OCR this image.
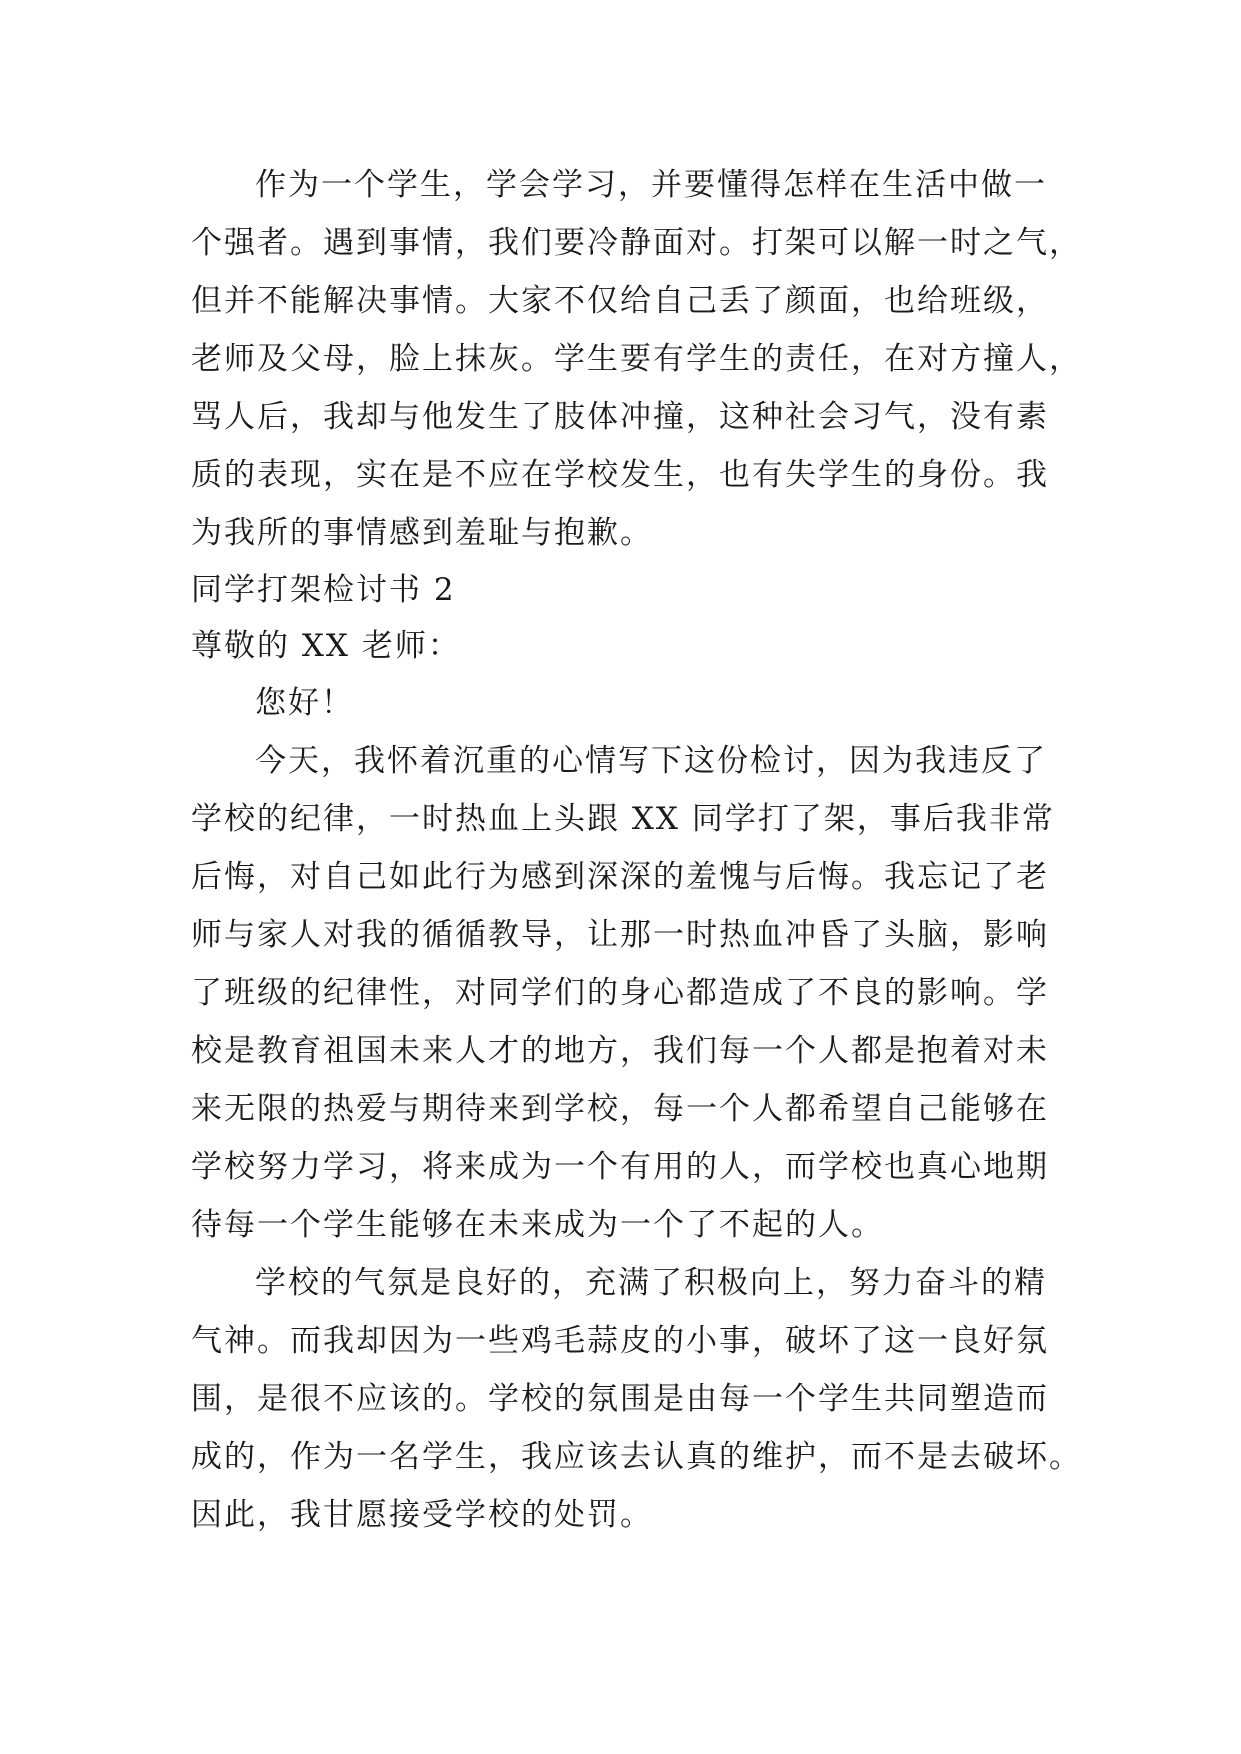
作为一个学生，学会学习，并要懂得怎样在生活中做一
个强者。遇到事情，我们要冷静面对。打架可以解一时之气，
但并不能解决事情。大家不仅给自己丢了颜面，也给班级，
老师及父母，脸上抹灰。学生要有学生的责任，在对方撞人，
骂人后，我却与他发生了肢体冲撞，这种社会习气，没有素
质的表现，实在是不应在学校发生，也有失学生的身份。我
为我所的事情感到羞耻与抱歉。
同学打架检讨书 2
尊敬的 XX 老师：
您好！
今天，我怀着沉重的心情写下这份检讨，因为我违反了
学校的纪律，一时热血上头跟 XX 同学打了架，事后我非常
后悔，对自己如此行为感到深深的羞愧与后悔。我忘记了老
师与家人对我的循循教导，让那一时热血冲昏了头脑，影响
了班级的纪律性，对同学们的身心都造成了不良的影响。学
校是教育祖国未来人才的地方，我们每一个人都是抱着对未
来无限的热爱与期待来到学校，每一个人都希望自己能够在
学校努力学习，将来成为一个有用的人，而学校也真心地期
待每一个学生能够在未来成为一个了不起的人。
学校的气氛是良好的，充满了积极向上，努力奋斗的精
气神。而我却因为一些鸡毛蒜皮的小事，破坏了这一良好氛
围，是很不应该的。学校的氛围是由每一个学生共同塑造而
成的，作为一名学生，我应该去认真的维护，而不是去破坏。
因此，我甘愿接受学校的处罚。
